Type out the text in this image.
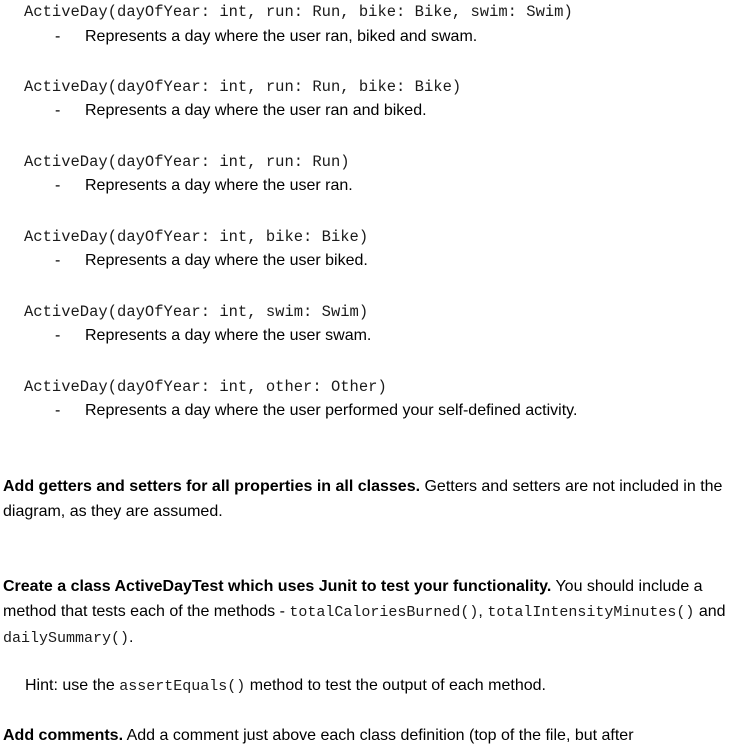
ActiveDay(dayOfYear: int, run: Run, bike: Bike, swim: Swim)
- Represents a day where the user ran, biked and swam.
ActiveDay(dayOfYear: int, run: Run, bike: Bike)
- Represents a day where the user ran and biked.
ActiveDay(dayOfYear: int, run: Run)
- Represents a day where the user ran.
ActiveDay(dayOfYear: int, bike: Bike)
- Represents a day where the user biked.
ActiveDay(dayOfYear: int, swim: Swim)
- Represents a day where the user swam.
ActiveDay(dayOfYear: int, other: Other)
- Represents a day where the user performed your self-defined activity.
Add getters and setters for all properties in all classes. Getters and setters are not included in the diagram, as they are assumed.
Create a class ActiveDayTest which uses Junit to test your functionality. You should include a method that tests each of the methods - totalCaloriesBurned(), totalIntensityMinutes() and dailySummary().
Hint: use the assertEquals() method to test the output of each method.
Add comments. Add a comment just above each class definition (top of the file, but after
